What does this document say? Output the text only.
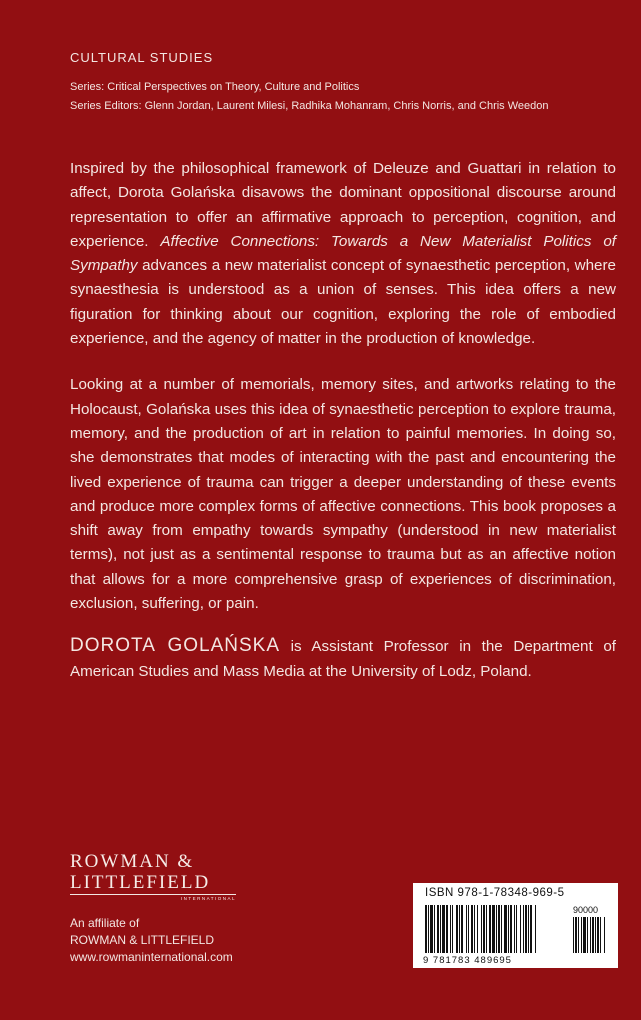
CULTURAL STUDIES
Series: Critical Perspectives on Theory, Culture and Politics
Series Editors: Glenn Jordan, Laurent Milesi, Radhika Mohanram, Chris Norris, and Chris Weedon

Inspired by the philosophical framework of Deleuze and Guattari in relation to affect, Dorota Golańska disavows the dominant oppositional discourse around representation to offer an affirmative approach to perception, cognition, and experience. Affective Connections: Towards a New Materialist Politics of Sympathy advances a new materialist concept of synaesthetic perception, where synaesthesia is understood as a union of senses. This idea offers a new figuration for thinking about our cognition, exploring the role of embodied experience, and the agency of matter in the production of knowledge.

Looking at a number of memorials, memory sites, and artworks relating to the Holocaust, Golańska uses this idea of synaesthetic perception to explore trauma, memory, and the production of art in relation to painful memories. In doing so, she demonstrates that modes of interacting with the past and encountering the lived experience of trauma can trigger a deeper understanding of these events and produce more complex forms of affective connections. This book proposes a shift away from empathy towards sympathy (understood in new materialist terms), not just as a sentimental response to trauma but as an affective notion that allows for a more comprehensive grasp of experiences of discrimination, exclusion, suffering, or pain.

DOROTA GOLAŃSKA is Assistant Professor in the Department of American Studies and Mass Media at the University of Lodz, Poland.

ROWMAN &
LITTLEFIELD
INTERNATIONAL
An affiliate of
ROWMAN & LITTLEFIELD
www.rowmaninternational.com
ISBN 978-1-78348-969-5
90000
9 781783 489695
